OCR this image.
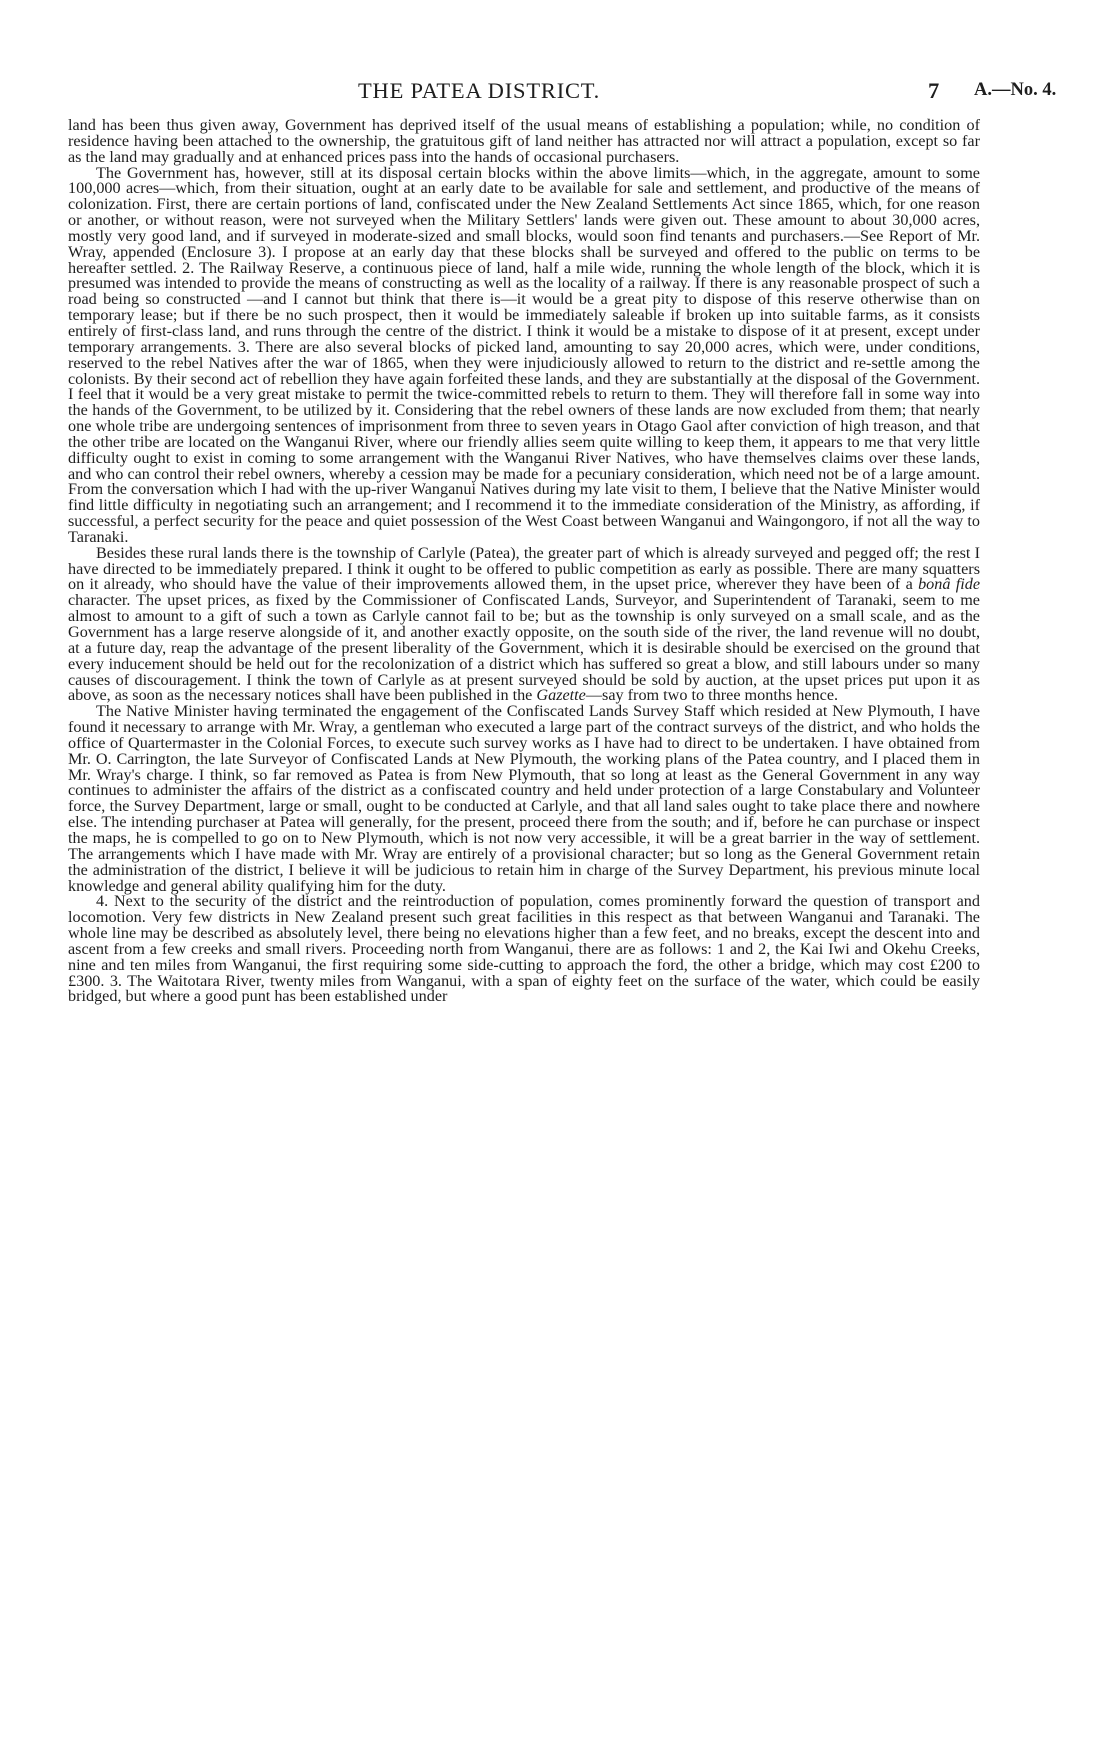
THE PATEA DISTRICT.	7 A.—No. 4.

land has been thus given away, Government has deprived itself of the usual means of establishing a population; while, no condition of residence having been attached to the ownership, the gratuitous gift of land neither has attracted nor will attract a population, except so far as the land may gradually and at enhanced prices pass into the hands of occasional purchasers.

The Government has, however, still at its disposal certain blocks within the above limits—which, in the aggregate, amount to some 100,000 acres—which, from their situation, ought at an early date to be available for sale and settlement, and productive of the means of colonization. First, there are certain portions of land, confiscated under the New Zealand Settlements Act since 1865, which, for one reason or another, or without reason, were not surveyed when the Military Settlers' lands were given out. These amount to about 30,000 acres, mostly very good land, and if surveyed in moderate-sized and small blocks, would soon find tenants and purchasers.—See Report of Mr. Wray, appended (Enclosure 3). I propose at an early day that these blocks shall be surveyed and offered to the public on terms to be hereafter settled. 2. The Railway Reserve, a continuous piece of land, half a mile wide, running the whole length of the block, which it is presumed was intended to provide the means of constructing as well as the locality of a railway. If there is any reasonable prospect of such a road being so constructed —and I cannot but think that there is—it would be a great pity to dispose of this reserve otherwise than on temporary lease; but if there be no such prospect, then it would be immediately saleable if broken up into suitable farms, as it consists entirely of first-class land, and runs through the centre of the district. I think it would be a mistake to dispose of it at present, except under temporary arrangements. 3. There are also several blocks of picked land, amounting to say 20,000 acres, which were, under conditions, reserved to the rebel Natives after the war of 1865, when they were injudiciously allowed to return to the district and re-settle among the colonists. By their second act of rebellion they have again forfeited these lands, and they are substantially at the disposal of the Government. I feel that it would be a very great mistake to permit the twice-committed rebels to return to them. They will therefore fall in some way into the hands of the Government, to be utilized by it. Considering that the rebel owners of these lands are now excluded from them; that nearly one whole tribe are undergoing sentences of imprisonment from three to seven years in Otago Gaol after conviction of high treason, and that the other tribe are located on the Wanganui River, where our friendly allies seem quite willing to keep them, it appears to me that very little difficulty ought to exist in coming to some arrangement with the Wanganui River Natives, who have themselves claims over these lands, and who can control their rebel owners, whereby a cession may be made for a pecuniary consideration, which need not be of a large amount. From the conversation which I had with the up-river Wanganui Natives during my late visit to them, I believe that the Native Minister would find little difficulty in negotiating such an arrangement; and I recommend it to the immediate consideration of the Ministry, as affording, if successful, a perfect security for the peace and quiet possession of the West Coast between Wanganui and Waingongoro, if not all the way to Taranaki.

Besides these rural lands there is the township of Carlyle (Patea), the greater part of which is already surveyed and pegged off; the rest I have directed to be immediately prepared. I think it ought to be offered to public competition as early as possible. There are many squatters on it already, who should have the value of their improvements allowed them, in the upset price, wherever they have been of a bonâ fide character. The upset prices, as fixed by the Commissioner of Confiscated Lands, Surveyor, and Superintendent of Taranaki, seem to me almost to amount to a gift of such a town as Carlyle cannot fail to be; but as the township is only surveyed on a small scale, and as the Government has a large reserve alongside of it, and another exactly opposite, on the south side of the river, the land revenue will no doubt, at a future day, reap the advantage of the present liberality of the Government, which it is desirable should be exercised on the ground that every inducement should be held out for the recolonization of a district which has suffered so great a blow, and still labours under so many causes of discouragement. I think the town of Carlyle as at present surveyed should be sold by auction, at the upset prices put upon it as above, as soon as the necessary notices shall have been published in the Gazette—say from two to three months hence.

The Native Minister having terminated the engagement of the Confiscated Lands Survey Staff which resided at New Plymouth, I have found it necessary to arrange with Mr. Wray, a gentleman who executed a large part of the contract surveys of the district, and who holds the office of Quartermaster in the Colonial Forces, to execute such survey works as I have had to direct to be undertaken. I have obtained from Mr. O. Carrington, the late Surveyor of Confiscated Lands at New Plymouth, the working plans of the Patea country, and I placed them in Mr. Wray's charge. I think, so far removed as Patea is from New Plymouth, that so long at least as the General Government in any way continues to administer the affairs of the district as a confiscated country and held under protection of a large Constabulary and Volunteer force, the Survey Department, large or small, ought to be conducted at Carlyle, and that all land sales ought to take place there and nowhere else. The intending purchaser at Patea will generally, for the present, proceed there from the south; and if, before he can purchase or inspect the maps, he is compelled to go on to New Plymouth, which is not now very accessible, it will be a great barrier in the way of settlement. The arrangements which I have made with Mr. Wray are entirely of a provisional character; but so long as the General Government retain the administration of the district, I believe it will be judicious to retain him in charge of the Survey Department, his previous minute local knowledge and general ability qualifying him for the duty.

4. Next to the security of the district and the reintroduction of population, comes prominently forward the question of transport and locomotion. Very few districts in New Zealand present such great facilities in this respect as that between Wanganui and Taranaki. The whole line may be described as absolutely level, there being no elevations higher than a few feet, and no breaks, except the descent into and ascent from a few creeks and small rivers. Proceeding north from Wanganui, there are as follows: 1 and 2, the Kai Iwi and Okehu Creeks, nine and ten miles from Wanganui, the first requiring some side-cutting to approach the ford, the other a bridge, which may cost £200 to £300. 3. The Waitotara River, twenty miles from Wanganui, with a span of eighty feet on the surface of the water, which could be easily bridged, but where a good punt has been established under
